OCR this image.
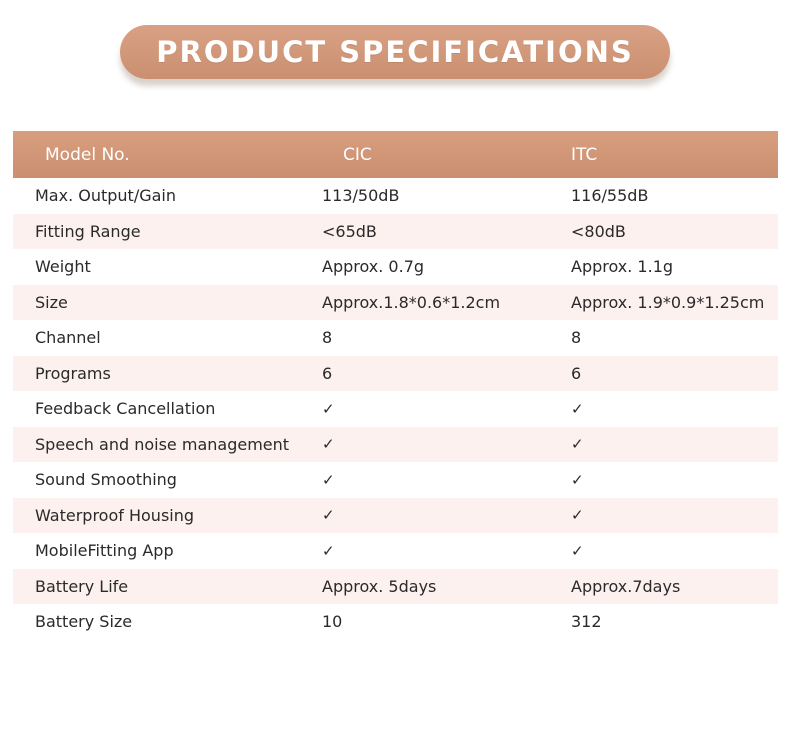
PRODUCT SPECIFICATIONS
Model No.	CIC	ITC
Max. Output/Gain	113/50dB	116/55dB
Fitting Range	<65dB	<80dB
Weight	Approx. 0.7g	Approx. 1.1g
Size	Approx.1.8*0.6*1.2cm	Approx. 1.9*0.9*1.25cm
Channel	8	8
Programs	6	6
Feedback Cancellation	✓	✓
Speech and noise management	✓	✓
Sound Smoothing	✓	✓
Waterproof Housing	✓	✓
MobileFitting App	✓	✓
Battery Life	Approx. 5days	Approx.7days
Battery Size	10	312
